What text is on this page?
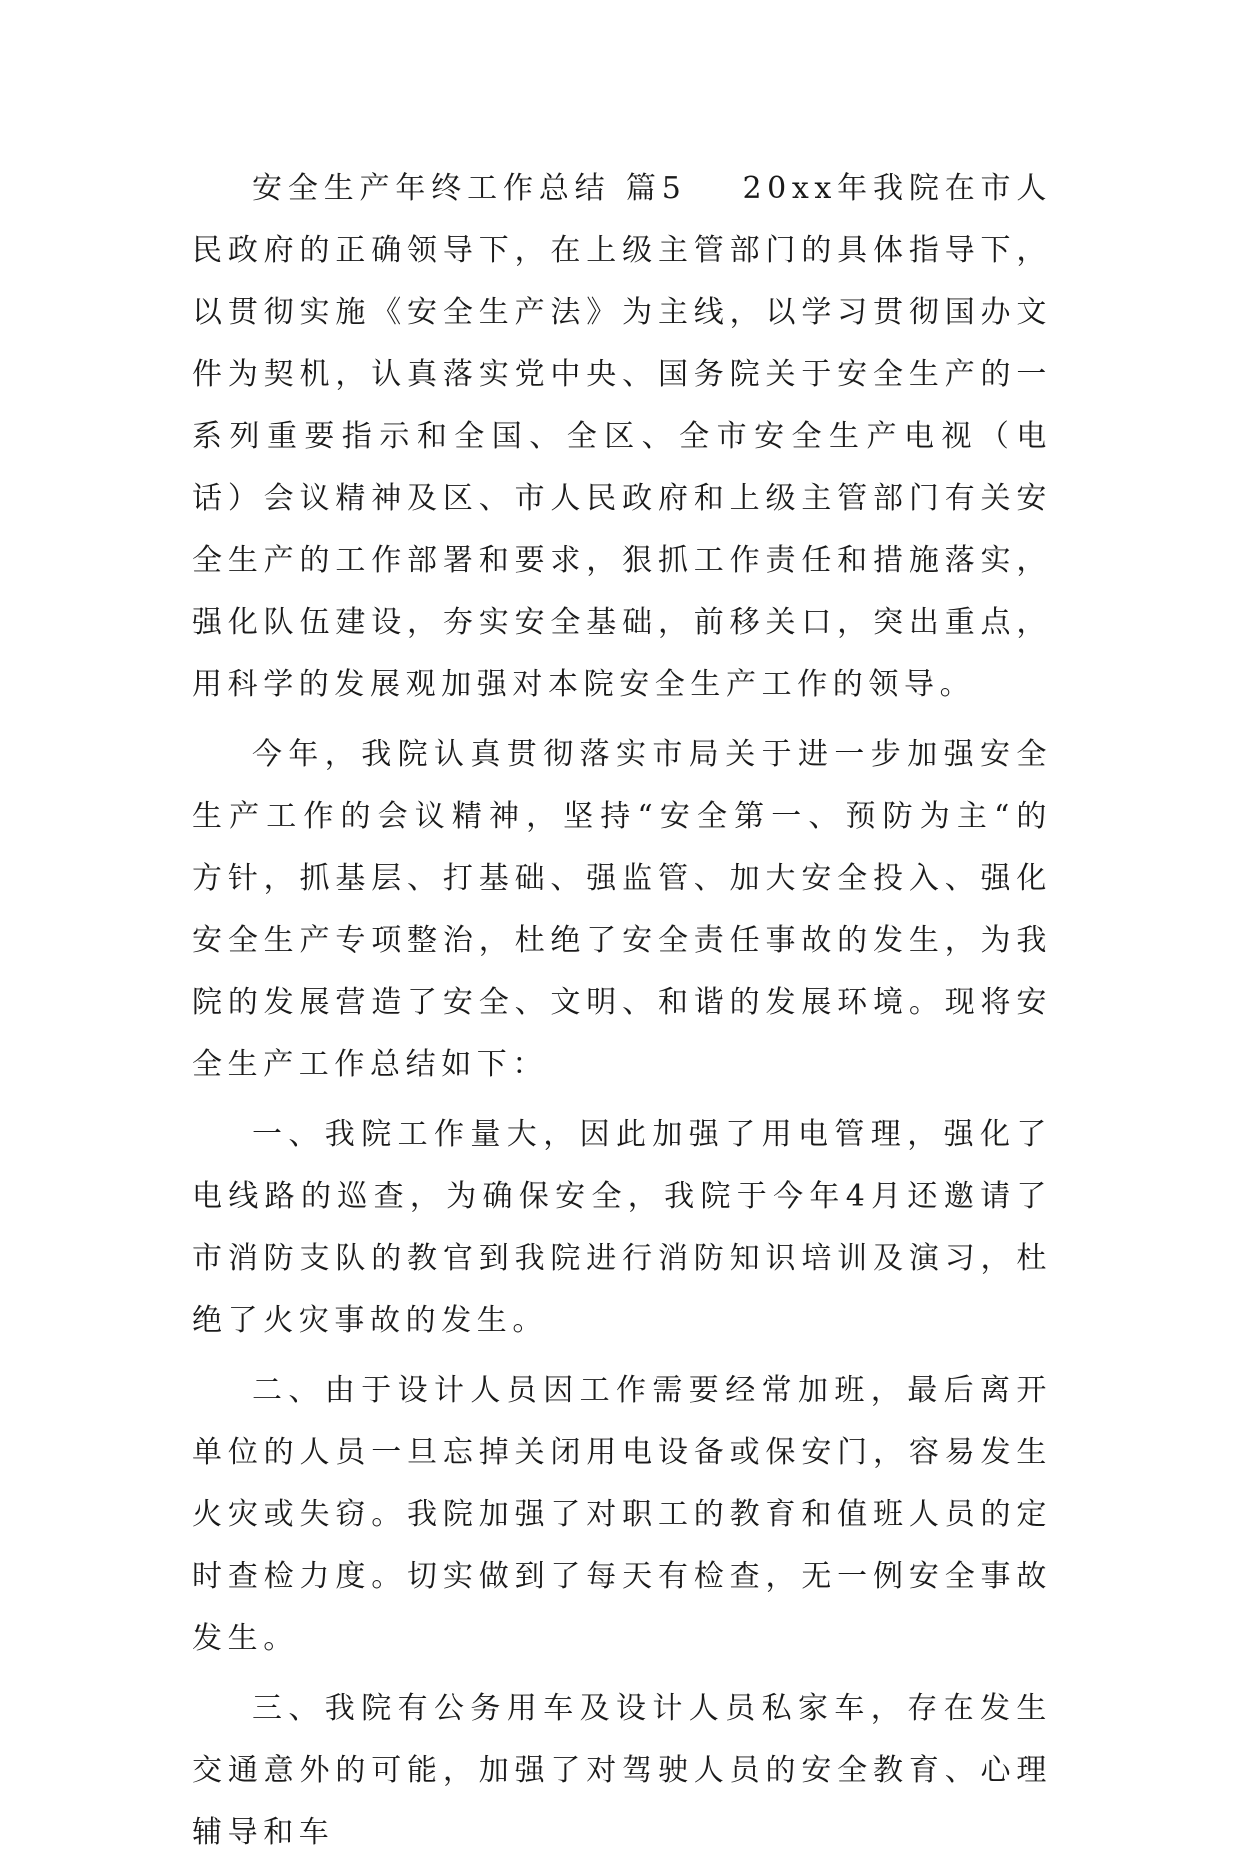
安全生产年终工作总结 篇5 20xx年我院在市人民政府的正确领导下，在上级主管部门的具体指导下，以贯彻实施《安全生产法》为主线，以学习贯彻国办文件为契机，认真落实党中央、国务院关于安全生产的一系列重要指示和全国、全区、全市安全生产电视（电话）会议精神及区、市人民政府和上级主管部门有关安全生产的工作部署和要求，狠抓工作责任和措施落实，强化队伍建设，夯实安全基础，前移关口，突出重点，用科学的发展观加强对本院安全生产工作的领导。

今年，我院认真贯彻落实市局关于进一步加强安全生产工作的会议精神，坚持“安全第一、预防为主“的方针，抓基层、打基础、强监管、加大安全投入、强化安全生产专项整治，杜绝了安全责任事故的发生，为我院的发展营造了安全、文明、和谐的发展环境。现将安全生产工作总结如下：

一、我院工作量大，因此加强了用电管理，强化了电线路的巡查，为确保安全，我院于今年4月还邀请了市消防支队的教官到我院进行消防知识培训及演习，杜绝了火灾事故的发生。

二、由于设计人员因工作需要经常加班，最后离开单位的人员一旦忘掉关闭用电设备或保安门，容易发生火灾或失窃。我院加强了对职工的教育和值班人员的定时查检力度。切实做到了每天有检查，无一例安全事故发生。

三、我院有公务用车及设计人员私家车，存在发生交通意外的可能，加强了对驾驶人员的安全教育、心理辅导和车
